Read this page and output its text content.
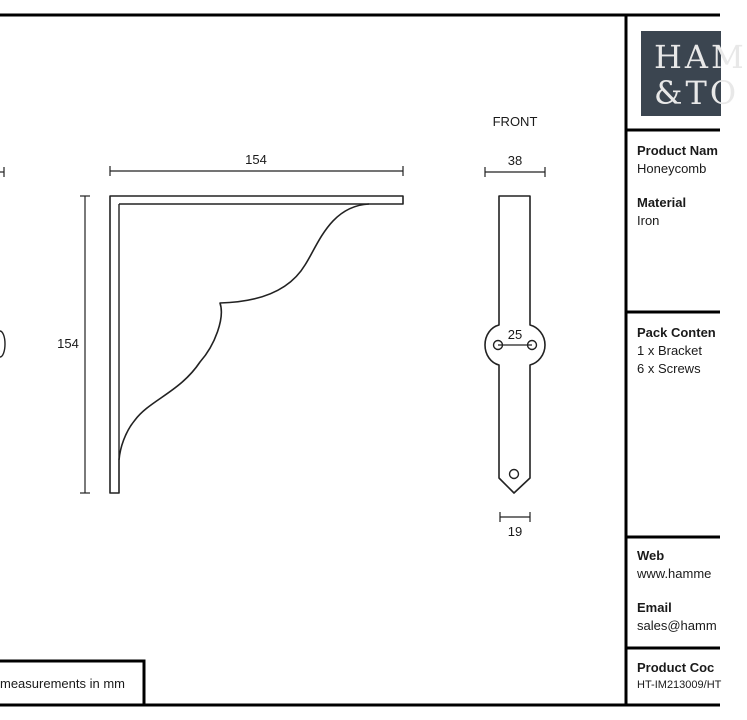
154
154
FRONT
38
25
19
HAM
&TO
Product Nam
Honeycomb
Material
Iron
Pack Conten
1 x Bracket
6 x Screws
Web
www.hamme
Email
sales@hamm
Product Coc
HT-IM213009/HT
measurements in mm
